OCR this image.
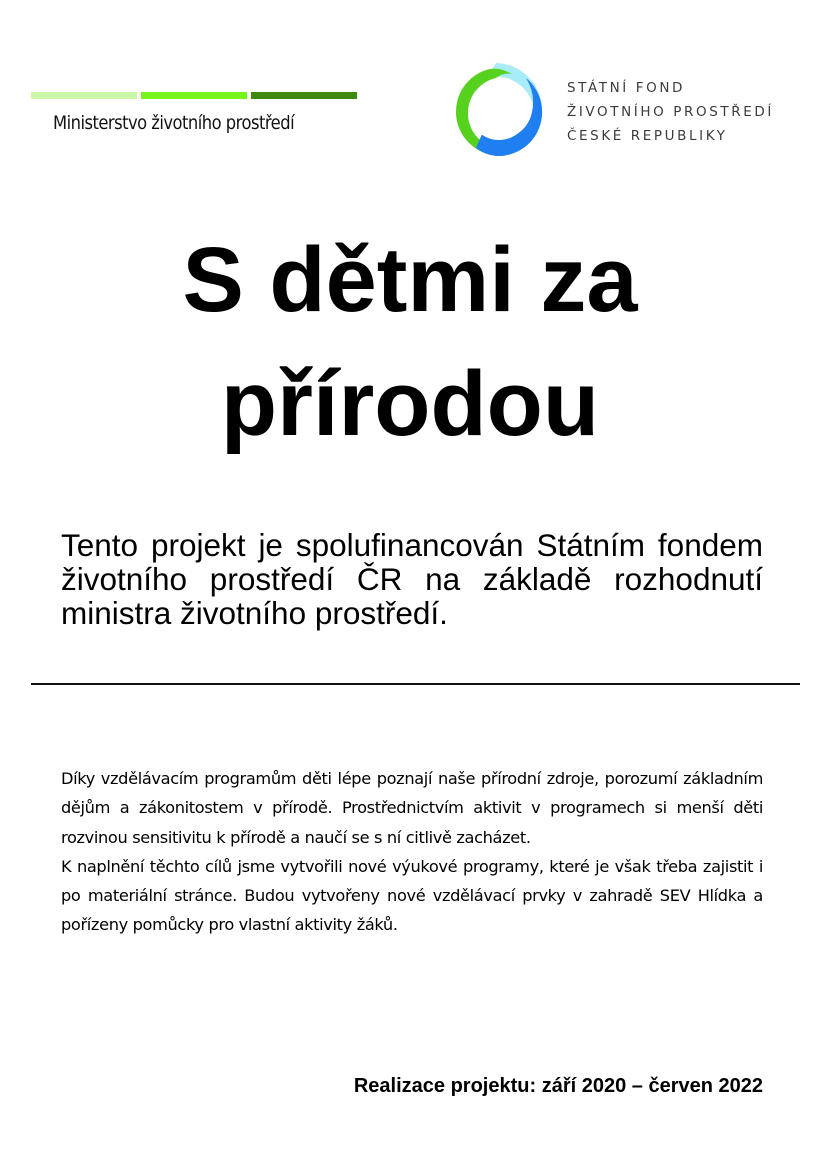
Ministerstvo životního prostředí
STÁTNÍ FOND
ŽIVOTNÍHO PROSTŘEDÍ
ČESKÉ REPUBLIKY
S dětmi za
přírodou
Tento projekt je spolufinancován Státním fondem životního prostředí ČR na základě rozhodnutí ministra životního prostředí.

Díky vzdělávacím programům děti lépe poznají naše přírodní zdroje, porozumí základním dějům a zákonitostem v přírodě. Prostřednictvím aktivit v programech si menší děti rozvinou sensitivitu k přírodě a naučí se s ní citlivě zacházet.

K naplnění těchto cílů jsme vytvořili nové výukové programy, které je však třeba zajistit i po materiální stránce. Budou vytvořeny nové vzdělávací prvky v zahradě SEV Hlídka a pořízeny pomůcky pro vlastní aktivity žáků.

Realizace projektu: září 2020 – červen 2022
